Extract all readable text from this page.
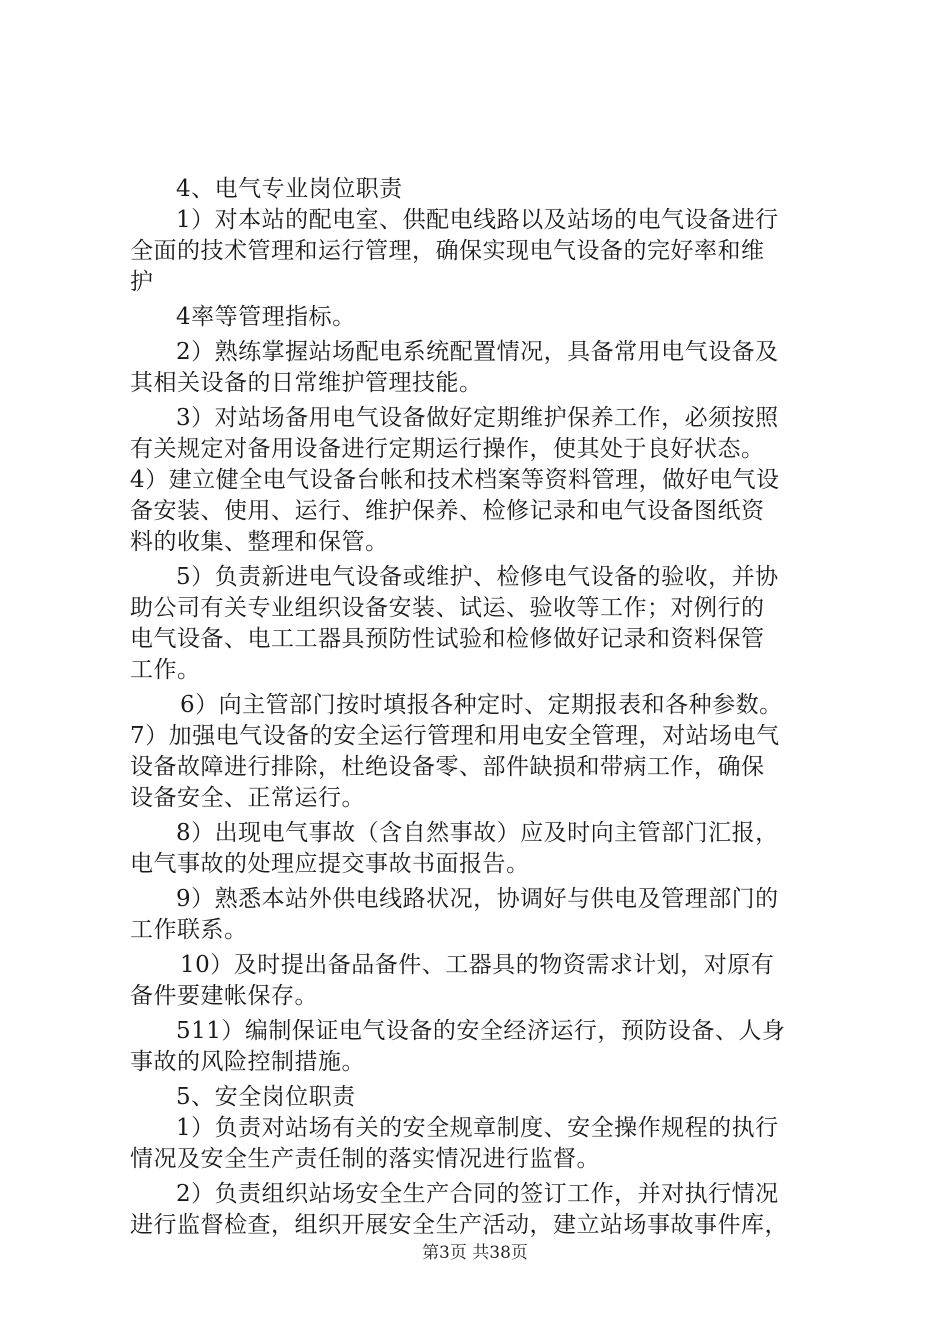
4、电气专业岗位职责
1）对本站的配电室、供配电线路以及站场的电气设备进行
全面的技术管理和运行管理，确保实现电气设备的完好率和维
护
4率等管理指标。
2）熟练掌握站场配电系统配置情况，具备常用电气设备及
其相关设备的日常维护管理技能。
3）对站场备用电气设备做好定期维护保养工作，必须按照
有关规定对备用设备进行定期运行操作，使其处于良好状态。
4）建立健全电气设备台帐和技术档案等资料管理，做好电气设
备安装、使用、运行、维护保养、检修记录和电气设备图纸资
料的收集、整理和保管。
5）负责新进电气设备或维护、检修电气设备的验收，并协
助公司有关专业组织设备安装、试运、验收等工作；对例行的
电气设备、电工工器具预防性试验和检修做好记录和资料保管
工作。
6）向主管部门按时填报各种定时、定期报表和各种参数。
7）加强电气设备的安全运行管理和用电安全管理，对站场电气
设备故障进行排除，杜绝设备零、部件缺损和带病工作，确保
设备安全、正常运行。
8）出现电气事故（含自然事故）应及时向主管部门汇报，
电气事故的处理应提交事故书面报告。
9）熟悉本站外供电线路状况，协调好与供电及管理部门的
工作联系。
10）及时提出备品备件、工器具的物资需求计划，对原有
备件要建帐保存。
511）编制保证电气设备的安全经济运行，预防设备、人身
事故的风险控制措施。
5、安全岗位职责
1）负责对站场有关的安全规章制度、安全操作规程的执行
情况及安全生产责任制的落实情况进行监督。
2）负责组织站场安全生产合同的签订工作，并对执行情况
进行监督检查，组织开展安全生产活动，建立站场事故事件库，
第3页 共38页
